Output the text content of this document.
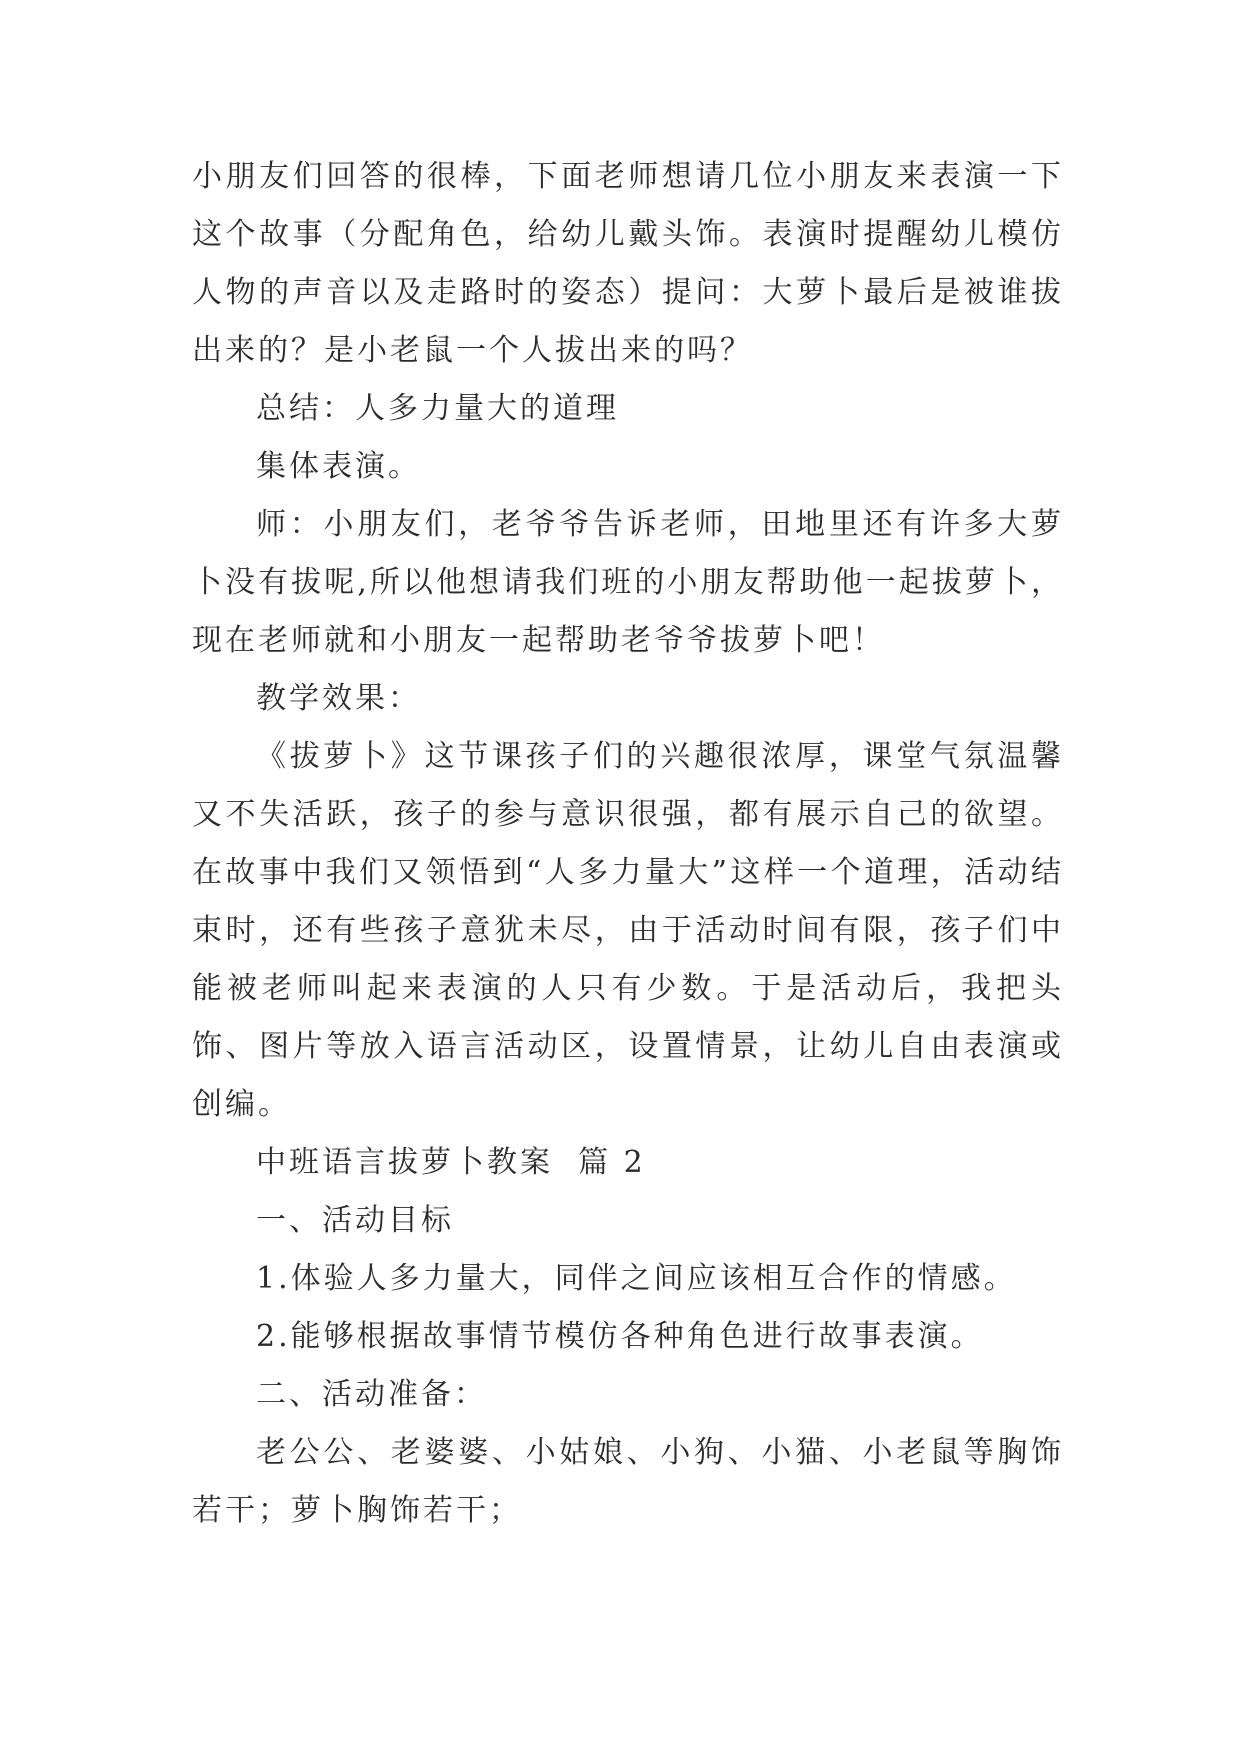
小朋友们回答的很棒，下面老师想请几位小朋友来表演一下这个故事（分配角色，给幼儿戴头饰。表演时提醒幼儿模仿人物的声音以及走路时的姿态）提问：大萝卜最后是被谁拔出来的？是小老鼠一个人拔出来的吗？

总结：人多力量大的道理

集体表演。

师：小朋友们，老爷爷告诉老师，田地里还有许多大萝卜没有拔呢,所以他想请我们班的小朋友帮助他一起拔萝卜，现在老师就和小朋友一起帮助老爷爷拔萝卜吧！

教学效果：

《拔萝卜》这节课孩子们的兴趣很浓厚，课堂气氛温馨又不失活跃，孩子的参与意识很强，都有展示自己的欲望。在故事中我们又领悟到“人多力量大”这样一个道理，活动结束时，还有些孩子意犹未尽，由于活动时间有限，孩子们中能被老师叫起来表演的人只有少数。于是活动后，我把头饰、图片等放入语言活动区，设置情景，让幼儿自由表演或创编。

中班语言拔萝卜教案  篇 2

一、活动目标

1.体验人多力量大，同伴之间应该相互合作的情感。

2.能够根据故事情节模仿各种角色进行故事表演。

二、活动准备：

老公公、老婆婆、小姑娘、小狗、小猫、小老鼠等胸饰若干；萝卜胸饰若干；
